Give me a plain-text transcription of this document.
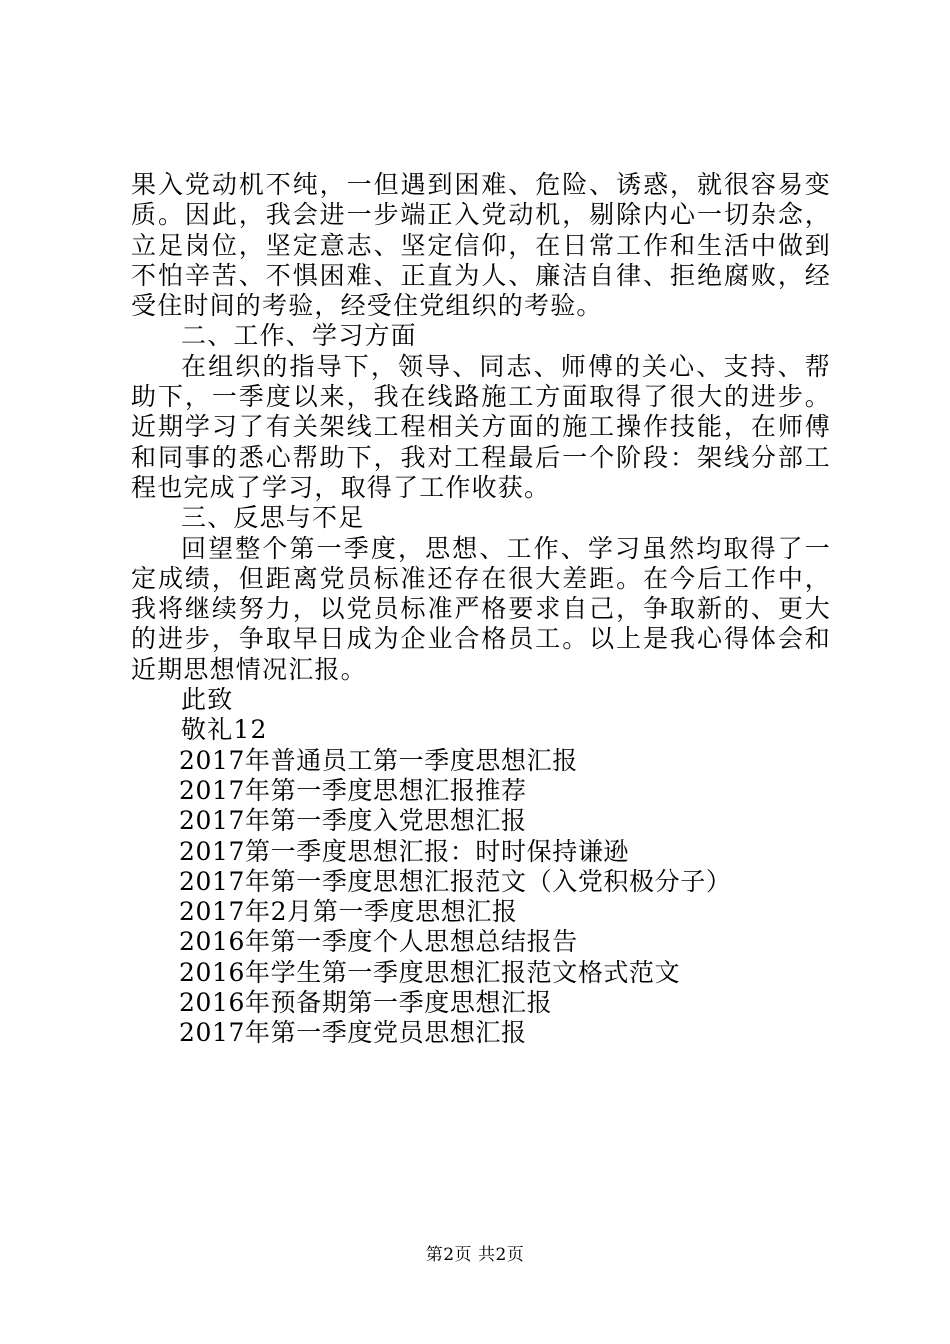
果入党动机不纯，一但遇到困难、危险、诱惑，就很容易变质。因此，我会进一步端正入党动机，剔除内心一切杂念，立足岗位，坚定意志、坚定信仰，在日常工作和生活中做到不怕辛苦、不惧困难、正直为人、廉洁自律、拒绝腐败，经受住时间的考验，经受住党组织的考验。

二、工作、学习方面

在组织的指导下，领导、同志、师傅的关心、支持、帮助下，一季度以来，我在线路施工方面取得了很大的进步。近期学习了有关架线工程相关方面的施工操作技能，在师傅和同事的悉心帮助下，我对工程最后一个阶段：架线分部工程也完成了学习，取得了工作收获。

三、反思与不足

回望整个第一季度，思想、工作、学习虽然均取得了一定成绩，但距离党员标准还存在很大差距。在今后工作中，我将继续努力，以党员标准严格要求自己，争取新的、更大的进步，争取早日成为企业合格员工。以上是我心得体会和近期思想情况汇报。

此致

敬礼12

2017年普通员工第一季度思想汇报

2017年第一季度思想汇报推荐

2017年第一季度入党思想汇报

2017第一季度思想汇报：时时保持谦逊

2017年第一季度思想汇报范文（入党积极分子）

2017年2月第一季度思想汇报

2016年第一季度个人思想总结报告

2016年学生第一季度思想汇报范文格式范文

2016年预备期第一季度思想汇报

2017年第一季度党员思想汇报

第2页 共2页
